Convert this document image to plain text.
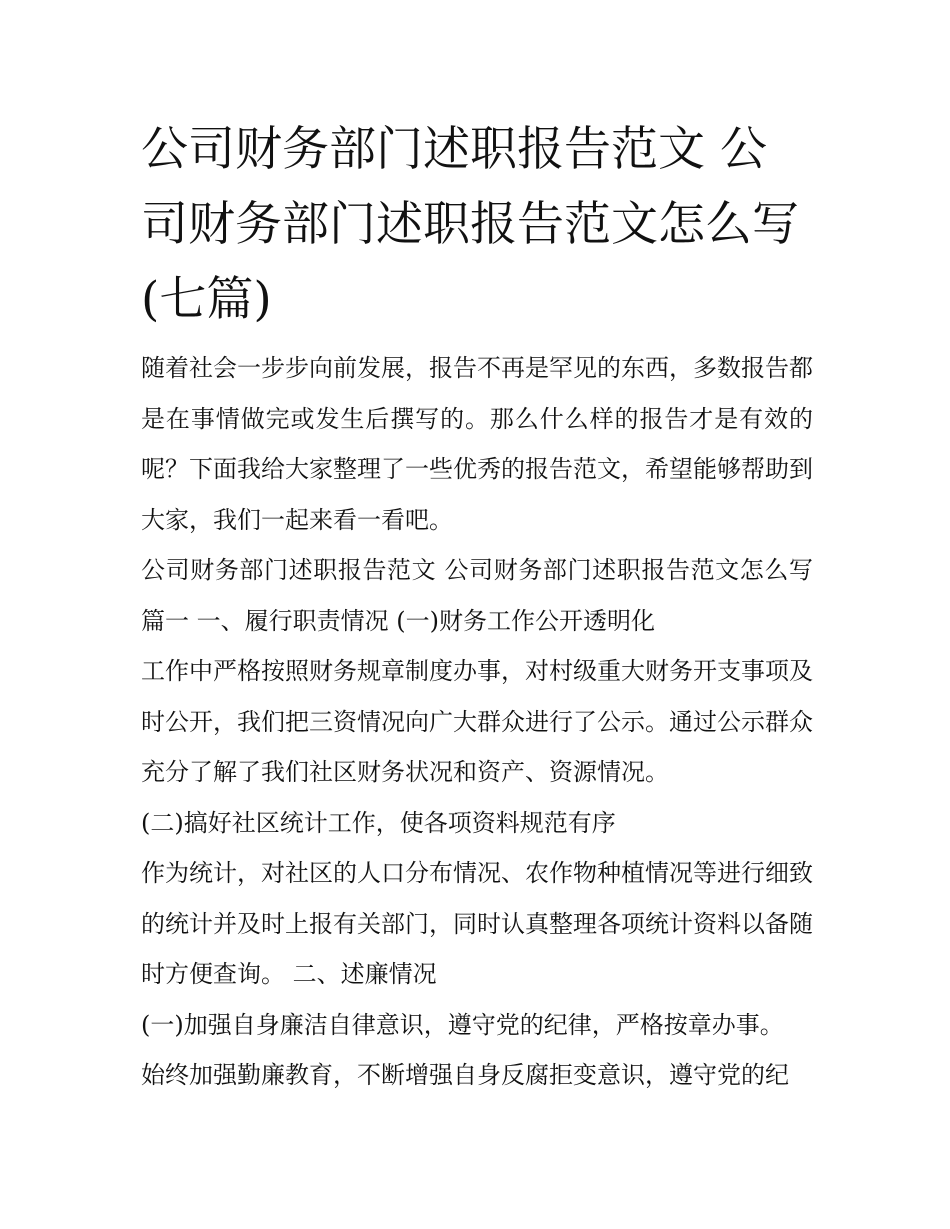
公司财务部门述职报告范文 公司财务部门述职报告范文怎么写(七篇)

随着社会一步步向前发展，报告不再是罕见的东西，多数报告都是在事情做完或发生后撰写的。那么什么样的报告才是有效的呢？下面我给大家整理了一些优秀的报告范文，希望能够帮助到大家，我们一起来看一看吧。

公司财务部门述职报告范文 公司财务部门述职报告范文怎么写篇一 一、履行职责情况 (一)财务工作公开透明化

工作中严格按照财务规章制度办事，对村级重大财务开支事项及时公开，我们把三资情况向广大群众进行了公示。通过公示群众充分了解了我们社区财务状况和资产、资源情况。

(二)搞好社区统计工作，使各项资料规范有序

作为统计，对社区的人口分布情况、农作物种植情况等进行细致的统计并及时上报有关部门，同时认真整理各项统计资料以备随时方便查询。 二、述廉情况

(一)加强自身廉洁自律意识，遵守党的纪律，严格按章办事。

始终加强勤廉教育，不断增强自身反腐拒变意识，遵守党的纪
